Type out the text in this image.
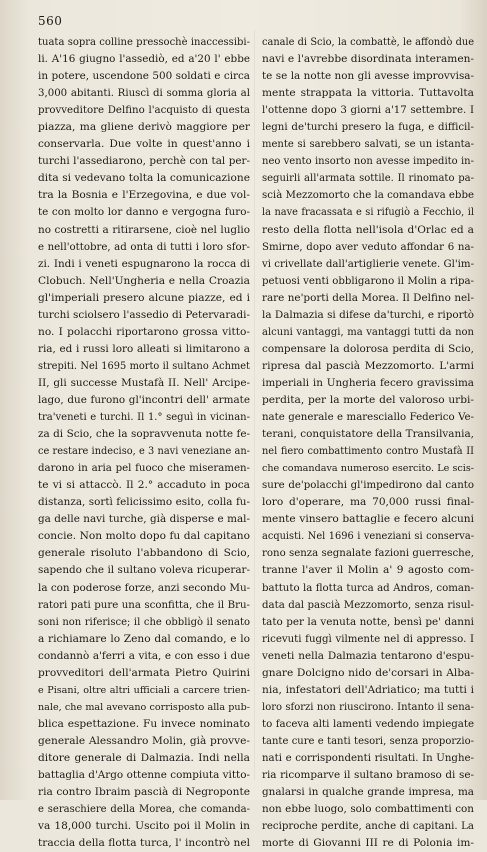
560
tuata sopra colline pressochè inaccessibi-
li. A'16 giugno l'assediò, ed a'20 l' ebbe
in potere, uscendone 500 soldati e circa
3,000 abitanti. Riuscì di somma gloria al
provveditore Delfino l'acquisto di questa
piazza, ma gliene derivò maggiore per
conservarla. Due volte in quest'anno i
turchi l'assediarono, perchè con tal per-
dita si vedevano tolta la comunicazione
tra la Bosnia e l'Erzegovina, e due vol-
te con molto lor danno e vergogna furo-
no costretti a ritirarsene, cioè nel luglio
e nell'ottobre, ad onta di tutti i loro sfor-
zi. Indi i veneti espugnarono la rocca di
Clobuch. Nell'Ungheria e nella Croazia
gl'imperiali presero alcune piazze, ed i
turchi sciolsero l'assedio di Petervaradi-
no. I polacchi riportarono grossa vitto-
ria, ed i russi loro alleati si limitarono a
strepiti. Nel 1695 morto il sultano Achmet
II, gli successe Mustafà II. Nell' Arcipe-
lago, due furono gl'incontri dell' armate
tra'veneti e turchi. Il 1.° seguì in vicinan-
za di Scio, che la sopravvenuta notte fe-
ce restare indeciso, e 3 navi veneziane an-
darono in aria pel fuoco che miseramen-
te vi si attaccò. Il 2.° accaduto in poca
distanza, sortì felicissimo esito, colla fu-
ga delle navi turche, già disperse e mal-
concie. Non molto dopo fu dal capitano
generale risoluto l'abbandono di Scio,
sapendo che il sultano voleva ricuperar-
la con poderose forze, anzi secondo Mu-
ratori pati pure una sconfitta, che il Bru-
soni non riferisce; il che obbligò il senato
a richiamare lo Zeno dal comando, e lo
condannò a'ferri a vita, e con esso i due
provveditori dell'armata Pietro Quirini
e Pisani, oltre altri ufficiali a carcere trien-
nale, che mal avevano corrisposto alla pub-
blica espettazione. Fu invece nominato
generale Alessandro Molin, già provve-
ditore generale di Dalmazia. Indi nella
battaglia d'Argo ottenne compiuta vitto-
ria contro Ibraim pascià di Negroponte
e seraschiere della Morea, che comanda-
va 18,000 turchi. Uscito poi il Molin in
traccia della flotta turca, l' incontrò nel
canale di Scio, la combattè, le affondò due
navi e l'avrebbe disordinata interamen-
te se la notte non gli avesse improvvisa-
mente strappata la vittoria. Tuttavolta
l'ottenne dopo 3 giorni a'17 settembre. I
legni de'turchi presero la fuga, e difficil-
mente si sarebbero salvati, se un istanta-
neo vento insorto non avesse impedito in-
seguirli all'armata sottile. Il rinomato pa-
scià Mezzomorto che la comandava ebbe
la nave fracassata e si rifugiò a Fecchio, il
resto della flotta nell'isola d'Orlac ed a
Smirne, dopo aver veduto affondar 6 na-
vi crivellate dall'artiglierie venete. Gl'im-
petuosi venti obbligarono il Molin a ripa-
rare ne'porti della Morea. Il Delfino nel-
la Dalmazia si difese da'turchi, e riportò
alcuni vantaggi, ma vantaggi tutti da non
compensare la dolorosa perdita di Scio,
ripresa dal pascià Mezzomorto. L'armi
imperiali in Ungheria fecero gravissima
perdita, per la morte del valoroso urbi-
nate generale e maresciallo Federico Ve-
terani, conquistatore della Transilvania,
nel fiero combattimento contro Mustafà II
che comandava numeroso esercito. Le scis-
sure de'polacchi gl'impedirono dal canto
loro d'operare, ma 70,000 russi final-
mente vinsero battaglie e fecero alcuni
acquisti. Nel 1696 i veneziani si conserva-
rono senza segnalate fazioni guerresche,
tranne l'aver il Molin a' 9 agosto com-
battuto la flotta turca ad Andros, coman-
data dal pascià Mezzomorto, senza risul-
tato per la venuta notte, bensì pe' danni
ricevuti fuggì vilmente nel di appresso. I
veneti nella Dalmazia tentarono d'espu-
gnare Dolcigno nido de'corsari in Alba-
nia, infestatori dell'Adriatico; ma tutti i
loro sforzi non riuscirono. Intanto il sena-
to faceva alti lamenti vedendo impiegate
tante cure e tanti tesori, senza proporzio-
nati e corrispondenti risultati. In Unghe-
ria ricomparve il sultano bramoso di se-
gnalarsi in qualche grande impresa, ma
non ebbe luogo, solo combattimenti con
reciproche perdite, anche di capitani. La
morte di Giovanni III re di Polonia im-
